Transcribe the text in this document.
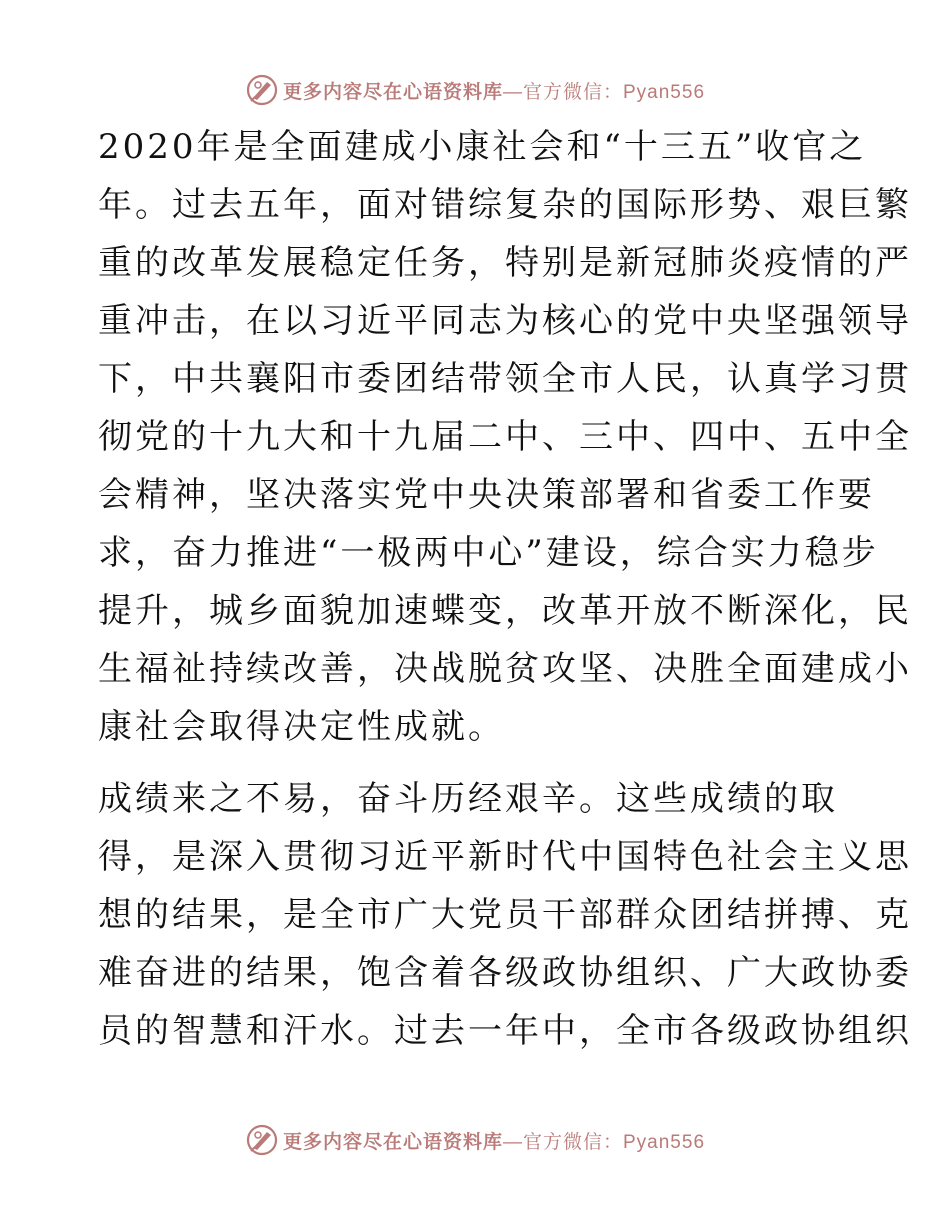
更多内容尽在心语资料库—官方微信：Pyan556
2020年是全面建成小康社会和“十三五”收官之
年。过去五年，面对错综复杂的国际形势、艰巨繁
重的改革发展稳定任务，特别是新冠肺炎疫情的严
重冲击，在以习近平同志为核心的党中央坚强领导
下，中共襄阳市委团结带领全市人民，认真学习贯
彻党的十九大和十九届二中、三中、四中、五中全
会精神，坚决落实党中央决策部署和省委工作要
求，奋力推进“一极两中心”建设，综合实力稳步
提升，城乡面貌加速蝶变，改革开放不断深化，民
生福祉持续改善，决战脱贫攻坚、决胜全面建成小
康社会取得决定性成就。
成绩来之不易，奋斗历经艰辛。这些成绩的取
得，是深入贯彻习近平新时代中国特色社会主义思
想的结果，是全市广大党员干部群众团结拼搏、克
难奋进的结果，饱含着各级政协组织、广大政协委
员的智慧和汗水。过去一年中，全市各级政协组织
更多内容尽在心语资料库—官方微信：Pyan556
